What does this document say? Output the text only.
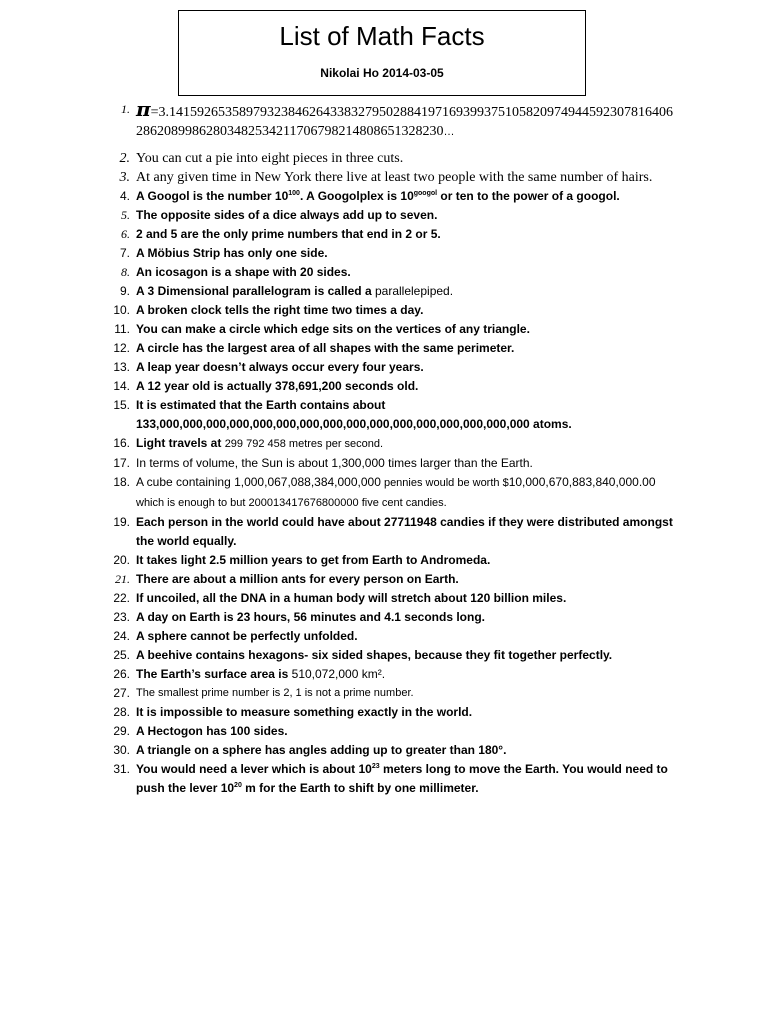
List of Math Facts
Nikolai Ho 2014-03-05
1. π=3.14159265358979323846264338327950288419716939937510582097494459230781640628620899862803482534211706798214808651328230…
2. You can cut a pie into eight pieces in three cuts.
3. At any given time in New York there live at least two people with the same number of hairs.
4. A Googol is the number $10^{100}$. A Googolplex is $10^{googol}$ or ten to the power of a googol.
5. The opposite sides of a dice always add up to seven.
6. 2 and 5 are the only prime numbers that end in 2 or 5.
7. A Möbius Strip has only one side.
8. An icosagon is a shape with 20 sides.
9. A 3 Dimensional parallelogram is called a parallelepiped.
10. A broken clock tells the right time two times a day.
11. You can make a circle which edge sits on the vertices of any triangle.
12. A circle has the largest area of all shapes with the same perimeter.
13. A leap year doesn’t always occur every four years.
14. A 12 year old is actually 378,691,200 seconds old.
15. It is estimated that the Earth contains about 133,000,000,000,000,000,000,000,000,000,000,000,000,000,000,000,000 atoms.
16. Light travels at 299 792 458 metres per second.
17. In terms of volume, the Sun is about 1,300,000 times larger than the Earth.
18. A cube containing 1,000,067,088,384,000,000 pennies would be worth $10,000,670,883,840,000.00
which is enough to but 200013417676800000 five cent candies.
19. Each person in the world could have about 27711948 candies if they were distributed amongst the world equally.
20. It takes light 2.5 million years to get from Earth to Andromeda.
21. There are about a million ants for every person on Earth.
22. If uncoiled, all the DNA in a human body will stretch about 120 billion miles.
23. A day on Earth is 23 hours, 56 minutes and 4.1 seconds long.
24. A sphere cannot be perfectly unfolded.
25. A beehive contains hexagons- six sided shapes, because they fit together perfectly.
26. The Earth’s surface area is 510,072,000 km².
27. The smallest prime number is 2, 1 is not a prime number.
28. It is impossible to measure something exactly in the world.
29. A Hectogon has 100 sides.
30. A triangle on a sphere has angles adding up to greater than 180°.
31. You would need a lever which is about $10^{23}$ meters long to move the Earth. You would need to push the lever $10^{20}$ m for the Earth to shift by one millimeter.
